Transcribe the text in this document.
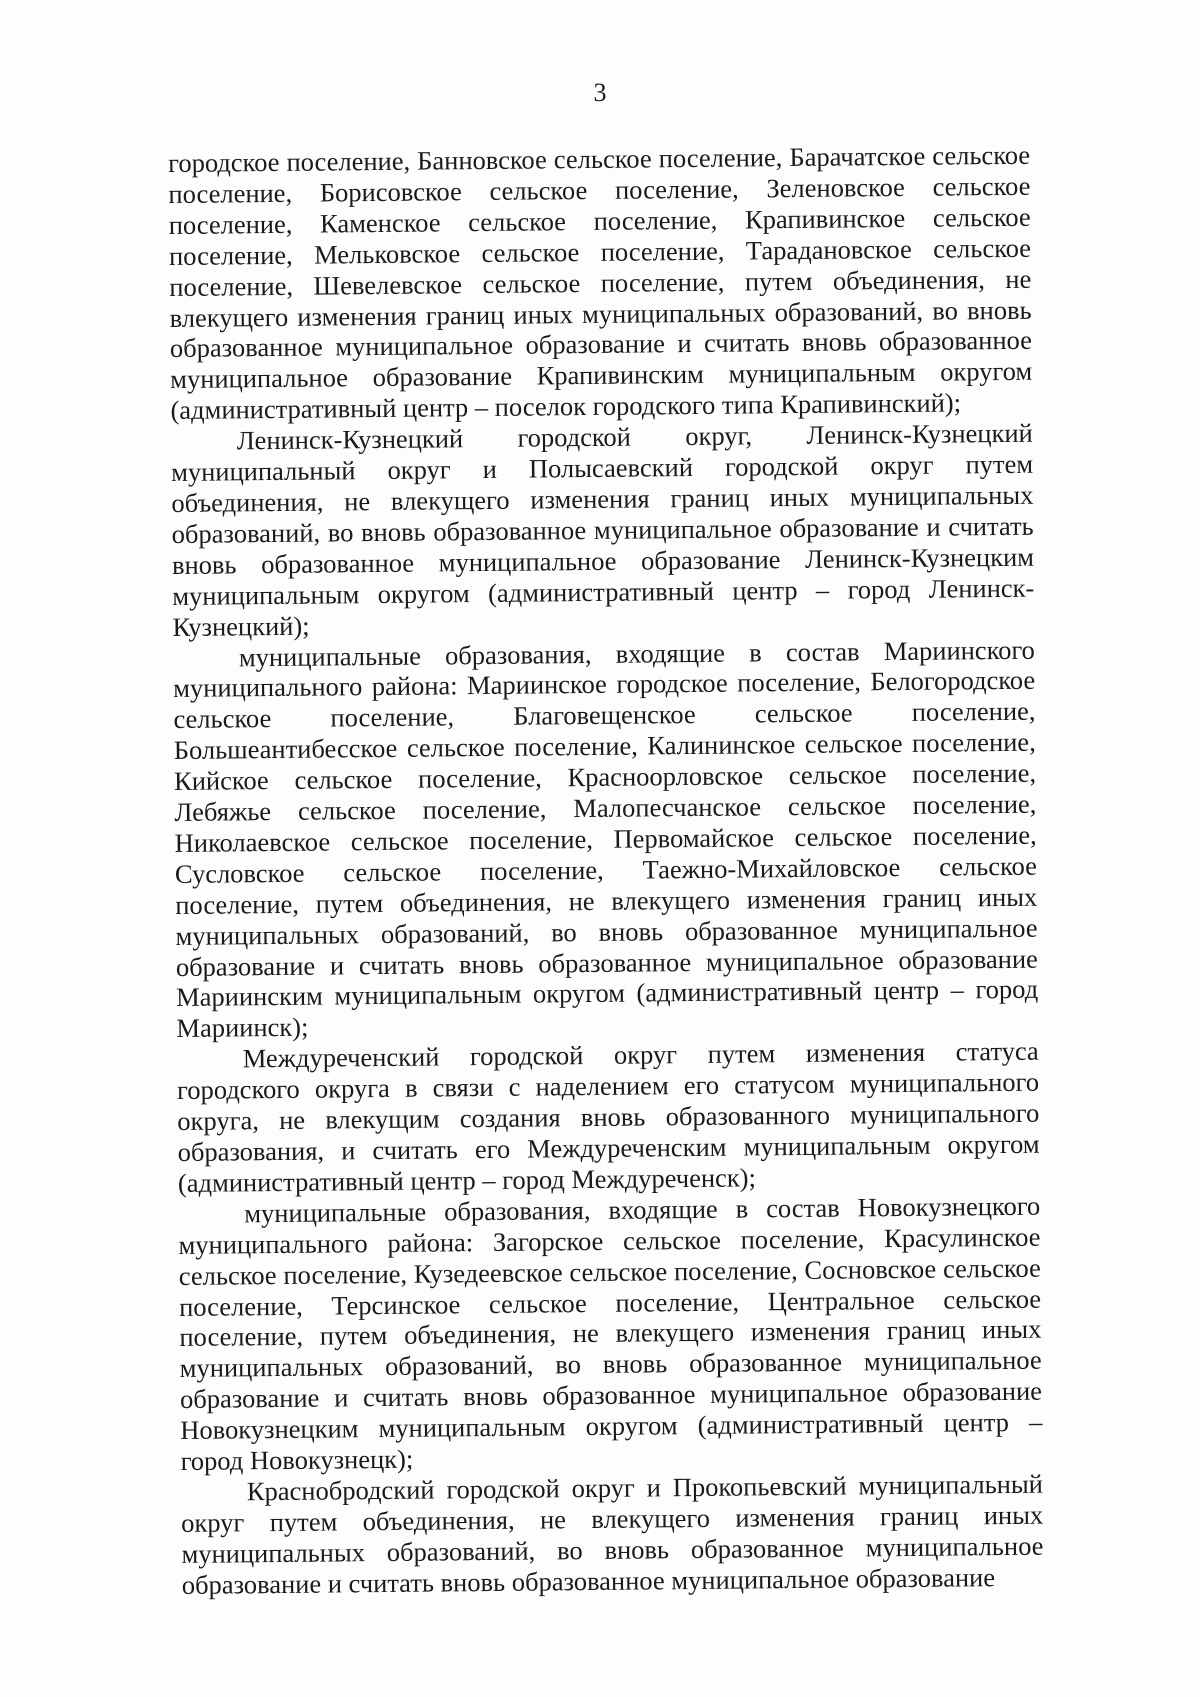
3

городское поселение, Банновское сельское поселение, Барачатское сельское поселение, Борисовское сельское поселение, Зеленовское сельское поселение, Каменское сельское поселение, Крапивинское сельское поселение, Мельковское сельское поселение, Тарадановское сельское поселение, Шевелевское сельское поселение, путем объединения, не влекущего изменения границ иных муниципальных образований, во вновь образованное муниципальное образование и считать вновь образованное муниципальное образование Крапивинским муниципальным округом (административный центр – поселок городского типа Крапивинский);

Ленинск-Кузнецкий городской округ, Ленинск-Кузнецкий муниципальный округ и Полысаевский городской округ путем объединения, не влекущего изменения границ иных муниципальных образований, во вновь образованное муниципальное образование и считать вновь образованное муниципальное образование Ленинск-Кузнецким муниципальным округом (административный центр – город Ленинск-Кузнецкий);

муниципальные образования, входящие в состав Мариинского муниципального района: Мариинское городское поселение, Белогородское сельское поселение, Благовещенское сельское поселение, Большеантибесское сельское поселение, Калининское сельское поселение, Кийское сельское поселение, Красноорловское сельское поселение, Лебяжье сельское поселение, Малопесчанское сельское поселение, Николаевское сельское поселение, Первомайское сельское поселение, Сусловское сельское поселение, Таежно-Михайловское сельское поселение, путем объединения, не влекущего изменения границ иных муниципальных образований, во вновь образованное муниципальное образование и считать вновь образованное муниципальное образование Мариинским муниципальным округом (административный центр – город Мариинск);

Междуреченский городской округ путем изменения статуса городского округа в связи с наделением его статусом муниципального округа, не влекущим создания вновь образованного муниципального образования, и считать его Междуреченским муниципальным округом (административный центр – город Междуреченск);

муниципальные образования, входящие в состав Новокузнецкого муниципального района: Загорское сельское поселение, Красулинское сельское поселение, Кузедеевское сельское поселение, Сосновское сельское поселение, Терсинское сельское поселение, Центральное сельское поселение, путем объединения, не влекущего изменения границ иных муниципальных образований, во вновь образованное муниципальное образование и считать вновь образованное муниципальное образование Новокузнецким муниципальным округом (административный центр – город Новокузнецк);

Краснобродский городской округ и Прокопьевский муниципальный округ путем объединения, не влекущего изменения границ иных муниципальных образований, во вновь образованное муниципальное образование и считать вновь образованное муниципальное образование
